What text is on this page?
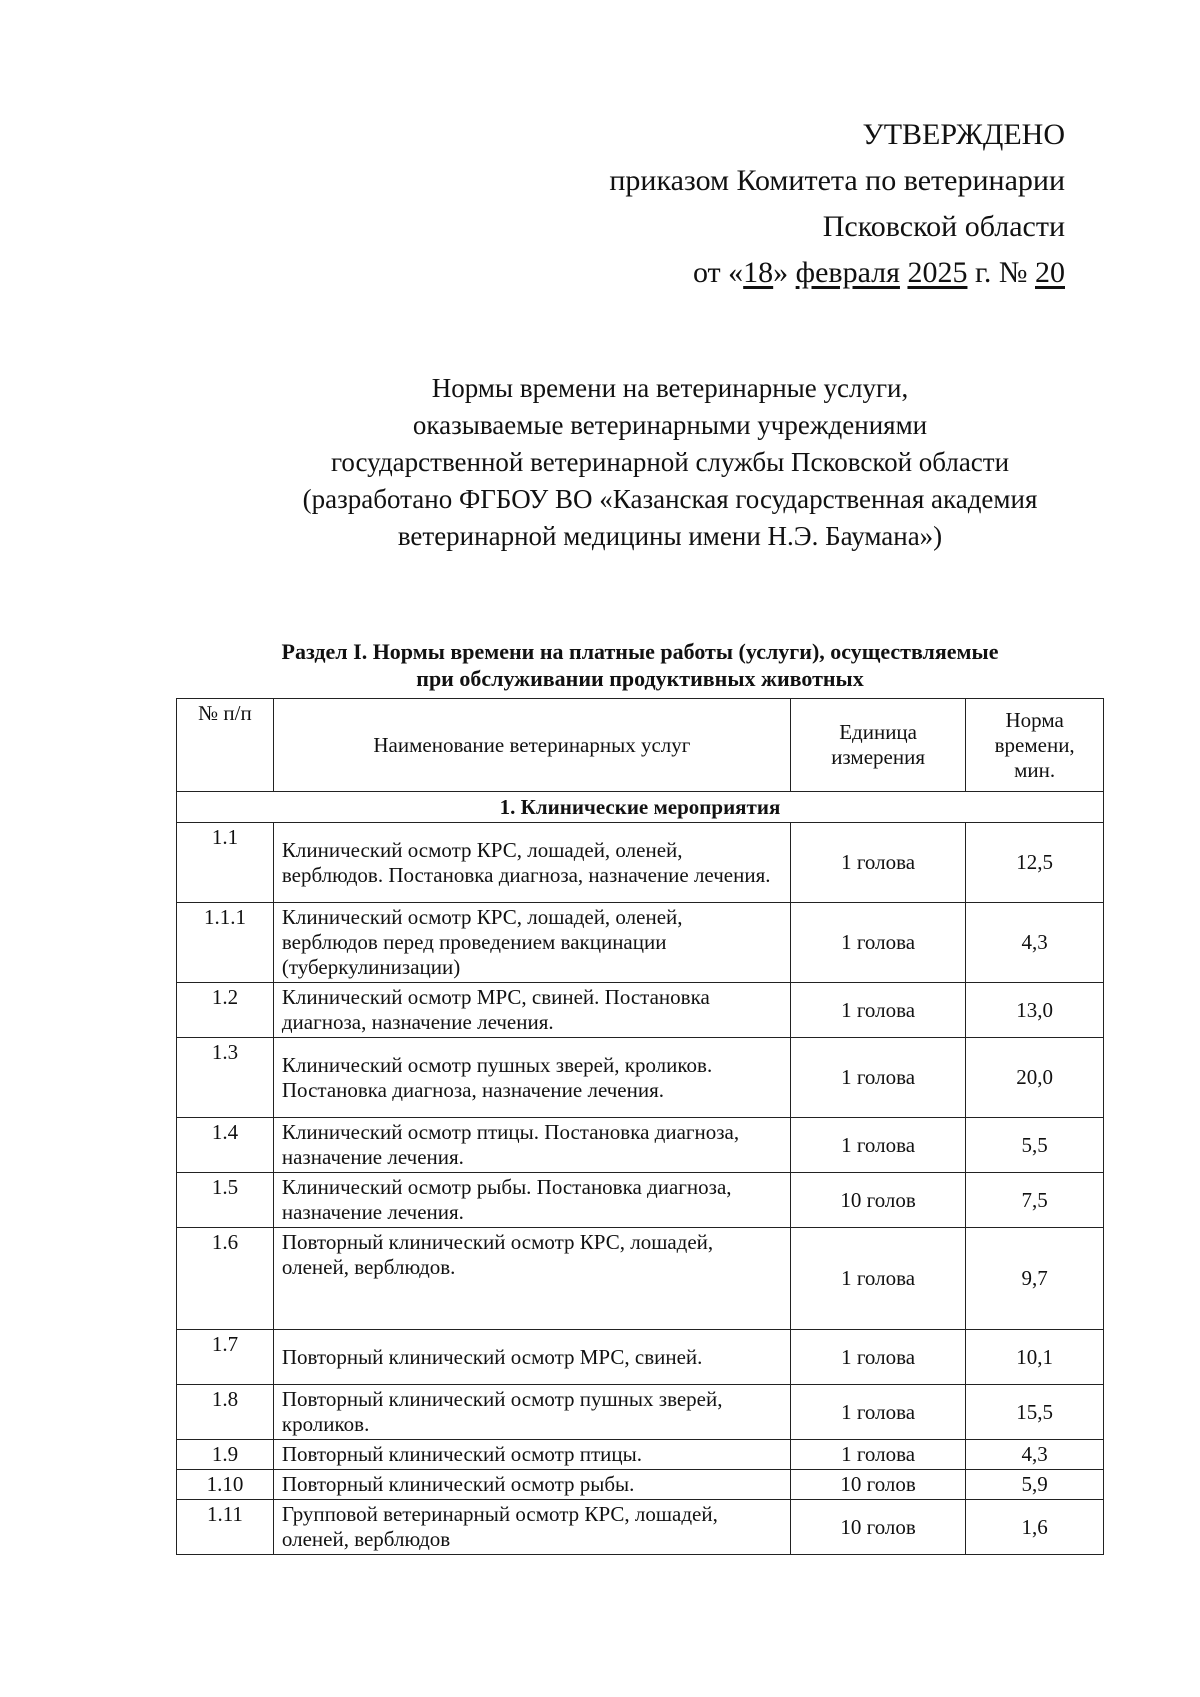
УТВЕРЖДЕНО
приказом Комитета по ветеринарии
Псковской области
от «18» февраля 2025 г. № 20
Нормы времени на ветеринарные услуги,
оказываемые ветеринарными учреждениями
государственной ветеринарной службы Псковской области
(разработано ФГБОУ ВО «Казанская государственная академия
ветеринарной медицины имени Н.Э. Баумана»)
Раздел I. Нормы времени на платные работы (услуги), осуществляемые
при обслуживании продуктивных животных
№ п/п	Наименование ветеринарных услуг	Единица измерения	Норма времени, мин.
1. Клинические мероприятия			
1.1	Клинический осмотр КРС, лошадей, оленей, верблюдов. Постановка диагноза, назначение лечения.	1 голова	12,5
1.1.1	Клинический осмотр КРС, лошадей, оленей, верблюдов перед проведением вакцинации (туберкулинизации)	1 голова	4,3
1.2	Клинический осмотр МРС, свиней. Постановка диагноза, назначение лечения.	1 голова	13,0
1.3	Клинический осмотр пушных зверей, кроликов. Постановка диагноза, назначение лечения.	1 голова	20,0
1.4	Клинический осмотр птицы. Постановка диагноза, назначение лечения.	1 голова	5,5
1.5	Клинический осмотр рыбы. Постановка диагноза, назначение лечения.	10 голов	7,5
1.6	Повторный клинический осмотр КРС, лошадей, оленей, верблюдов.	1 голова	9,7
1.7	Повторный клинический осмотр МРС, свиней.	1 голова	10,1
1.8	Повторный клинический осмотр пушных зверей, кроликов.	1 голова	15,5
1.9	Повторный клинический осмотр птицы.	1 голова	4,3
1.10	Повторный клинический осмотр рыбы.	10 голов	5,9
1.11	Групповой ветеринарный осмотр КРС, лошадей, оленей, верблюдов	10 голов	1,6
